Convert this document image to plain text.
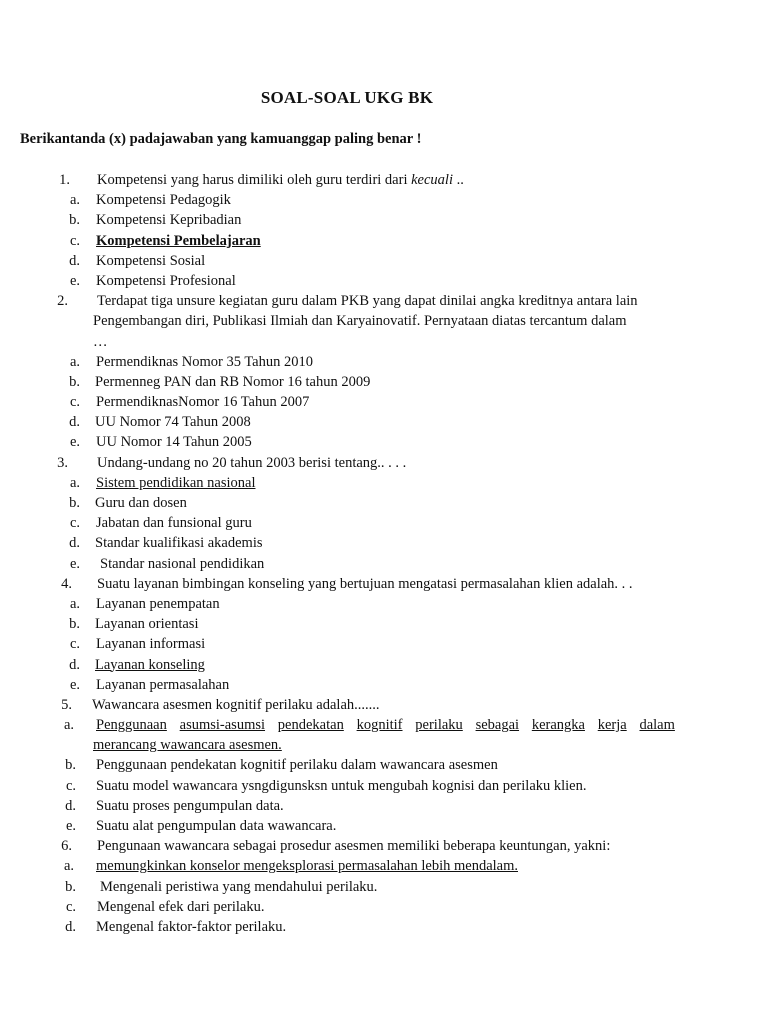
SOAL-SOAL UKG BK
Berikantanda (x) padajawaban yang kamuanggap paling benar !
1. Kompetensi yang harus dimiliki oleh guru terdiri dari kecuali ..
a. Kompetensi Pedagogik
b. Kompetensi Kepribadian
c. Kompetensi Pembelajaran
d. Kompetensi Sosial
e. Kompetensi Profesional
2. Terdapat tiga unsure kegiatan guru dalam PKB yang dapat dinilai angka kreditnya antara lain
Pengembangan diri, Publikasi Ilmiah dan Karyainovatif. Pernyataan diatas tercantum dalam
…
a. Permendiknas Nomor 35 Tahun 2010
b. Permenneg PAN dan RB Nomor 16 tahun 2009
c. PermendiknasNomor 16 Tahun 2007
d. UU Nomor 74 Tahun 2008
e. UU Nomor 14 Tahun 2005
3. Undang-undang no 20 tahun 2003 berisi tentang.. . . .
a. Sistem pendidikan nasional
b. Guru dan dosen
c. Jabatan dan funsional guru
d. Standar kualifikasi akademis
e. Standar nasional pendidikan
4. Suatu layanan bimbingan konseling yang bertujuan mengatasi permasalahan klien adalah. . .
a. Layanan penempatan
b. Layanan orientasi
c. Layanan informasi
d. Layanan konseling
e. Layanan permasalahan
5. Wawancara asesmen kognitif perilaku adalah.......
a. Penggunaan asumsi-asumsi pendekatan kognitif perilaku sebagai kerangka kerja dalam
merancang wawancara asesmen.
b. Penggunaan pendekatan kognitif perilaku dalam wawancara asesmen
c. Suatu model wawancara ysngdigunsksn untuk mengubah kognisi dan perilaku klien.
d. Suatu proses pengumpulan data.
e. Suatu alat pengumpulan data wawancara.
6. Pengunaan wawancara sebagai prosedur asesmen memiliki beberapa keuntungan, yakni:
a. memungkinkan konselor mengeksplorasi permasalahan lebih mendalam.
b. Mengenali peristiwa yang mendahului perilaku.
c. Mengenal efek dari perilaku.
d. Mengenal faktor-faktor perilaku.
